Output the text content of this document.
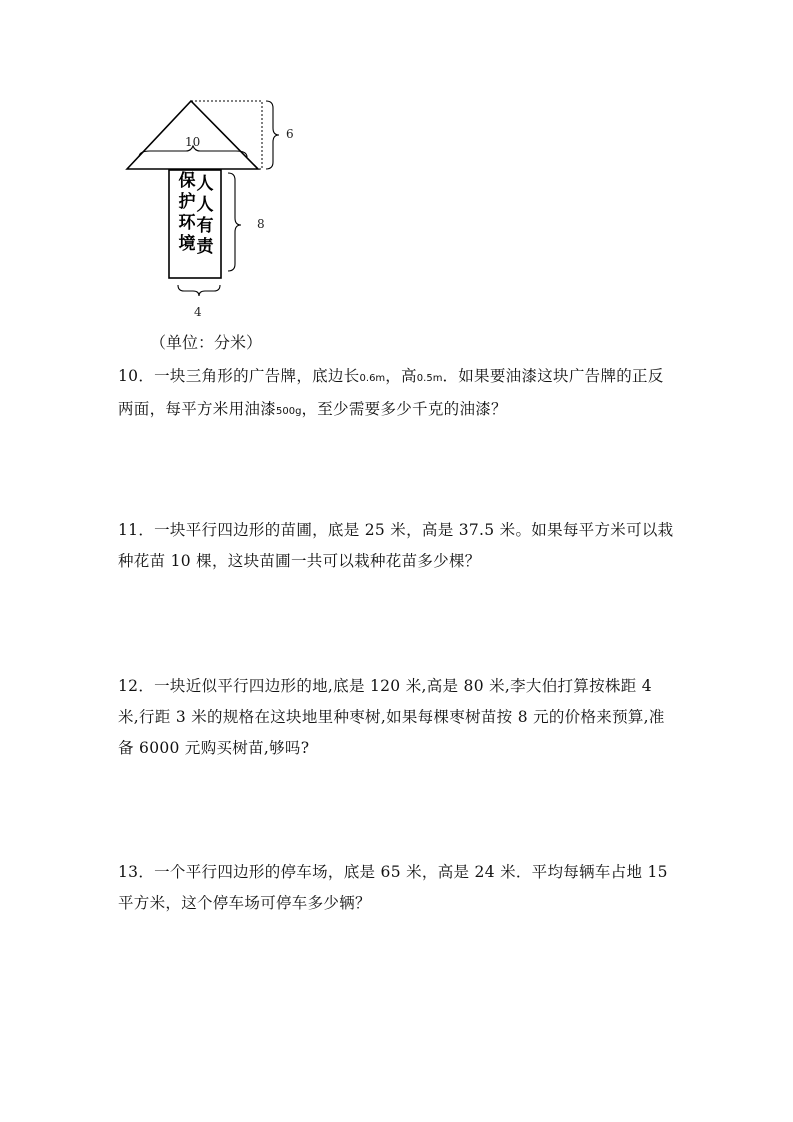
10
6
8
4
保
护
环
境
人
人
有
责
（单位：分米）

10．一块三角形的广告牌，底边长0.6m，高0.5m．如果要油漆这块广告牌的正反两面，每平方米用油漆500g，至少需要多少千克的油漆？

11．一块平行四边形的苗圃，底是 25 米，高是 37.5 米。如果每平方米可以栽种花苗 10 棵，这块苗圃一共可以栽种花苗多少棵？

12．一块近似平行四边形的地,底是 120 米,高是 80 米,李大伯打算按株距 4 米,行距 3 米的规格在这块地里种枣树,如果每棵枣树苗按 8 元的价格来预算,准备 6000 元购买树苗,够吗?

13．一个平行四边形的停车场，底是 65 米，高是 24 米．平均每辆车占地 15 平方米，这个停车场可停车多少辆？
